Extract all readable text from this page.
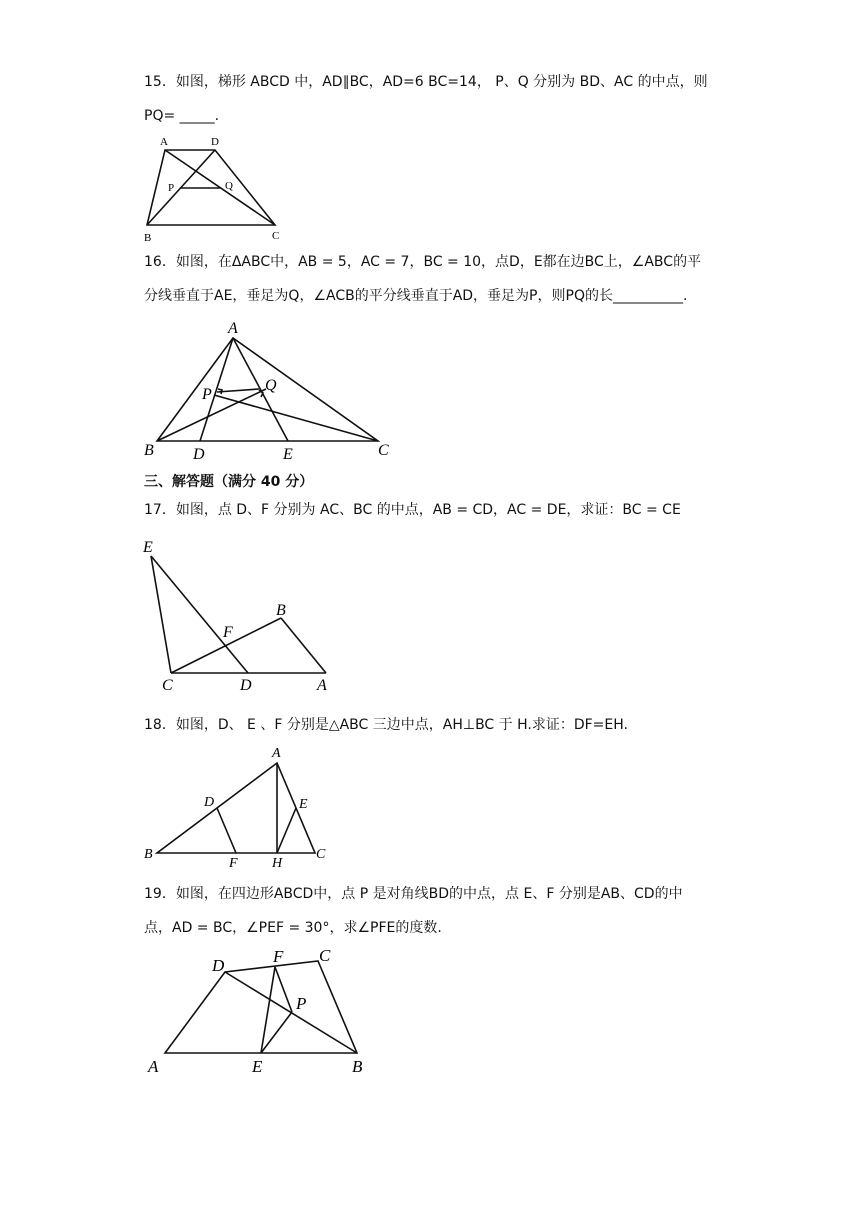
15．如图，梯形 ABCD 中，AD∥BC，AD=6 BC=14， P、Q 分别为 BD、AC 的中点，则
PQ= _____.
A	D
P	Q
B	C
16．如图，在ΔABC中，AB = 5，AC = 7，BC = 10，点D，E都在边BC上，∠ABC的平
分线垂直于AE，垂足为Q，∠ACB的平分线垂直于AD，垂足为P，则PQ的长__________.
A
P
Q
B D	E	C
三、解答题（满分 40 分）
17．如图，点 D、F 分别为 AC、BC 的中点，AB = CD，AC = DE，求证：BC = CE
E
F
B
C	D	A
18．如图，D、 E 、F 分别是△ABC 三边中点，AH⊥BC 于 H.求证：DF=EH.
A
D	E
B
F H
C
19．如图，在四边形ABCD中，点 P 是对角线BD的中点，点 E、F 分别是AB、CD的中
点，AD = BC，∠PEF = 30°，求∠PFE的度数.
D	F C
P
A	E	B
